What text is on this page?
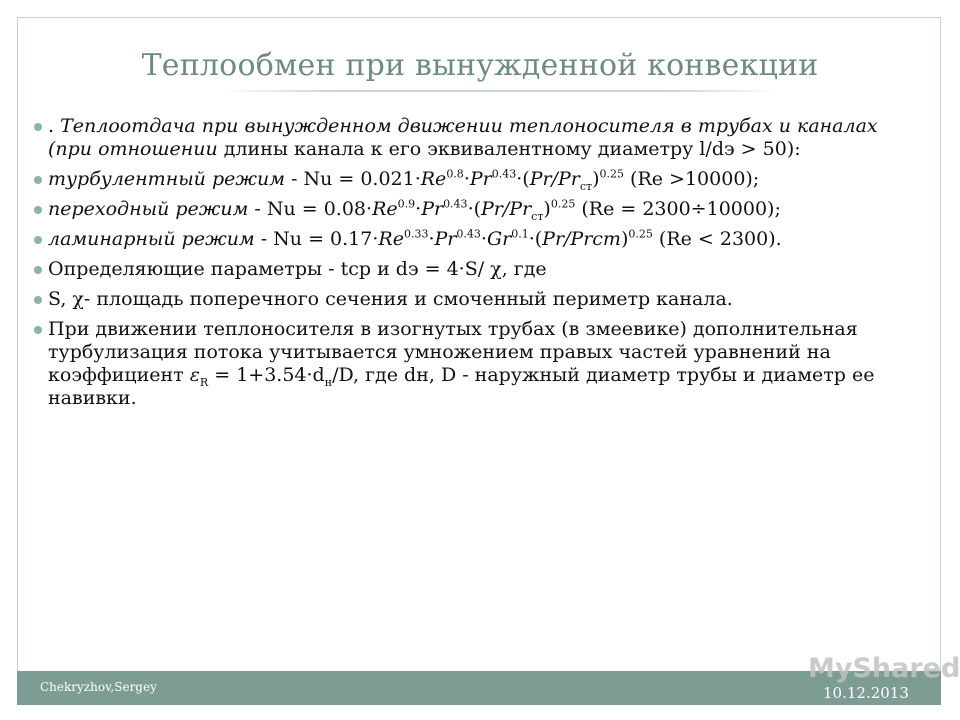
Теплообмен при вынужденной конвекции
. Теплоотдача при вынужденном движении теплоносителя в трубах и каналах (при отношении длины канала к его эквивалентному диаметру l/dэ > 50):
турбулентный режим - $Nu = 0.021\cdot Re^{0.8}\cdot Pr^{0.43}\cdot(Pr/Pr_{ст})^{0.25}$ (Re >10000);
переходный режим - $Nu = 0.08\cdot Re^{0.9}\cdot Pr^{0.43}\cdot(Pr/Pr_{ст})^{0.25}$ (Re = 2300÷10000);
ламинарный режим - $Nu = 0.17\cdot Re^{0.33}\cdot Pr^{0.43}\cdot Gr^{0.1}\cdot(Pr/Prст)^{0.25}$ (Re < 2300).
Определяющие параметры - tср и dэ = 4·S/ χ, где
S, χ- площадь поперечного сечения и смоченный периметр канала.
При движении теплоносителя в изогнутых трубах (в змеевике) дополнительная турбулизация потока учитывается умножением правых частей уравнений на коэффициент $\varepsilon_R = 1+3.54\cdot d_н/D$, где dн, D - наружный диаметр трубы и диаметр ее навивки.
Chekryzhov,Sergey
MyShared
10.12.2013
